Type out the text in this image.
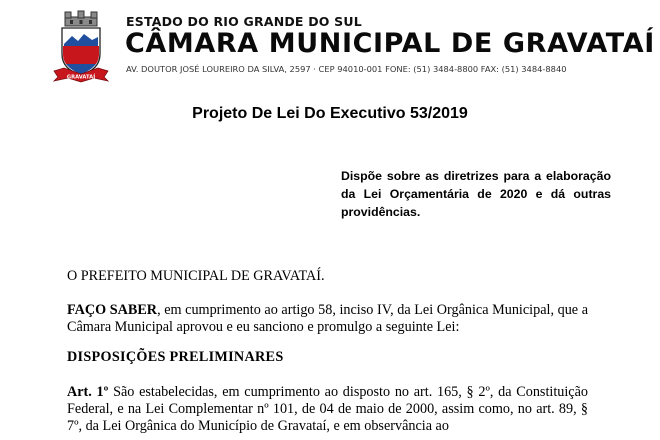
GRAVATAÍ
ESTADO DO RIO GRANDE DO SUL
CÂMARA MUNICIPAL DE GRAVATAÍ
AV. DOUTOR JOSÉ LOUREIRO DA SILVA, 2597 · CEP 94010-001 FONE: (51) 3484-8800 FAX: (51) 3484-8840
Projeto De Lei Do Executivo 53/2019
Dispõe sobre as diretrizes para a elaboração da Lei Orçamentária de 2020 e dá outras providências.
O PREFEITO MUNICIPAL DE GRAVATAÍ.
FAÇO SABER, em cumprimento ao artigo 58, inciso IV, da Lei Orgânica Municipal, que a Câmara Municipal aprovou e eu sanciono e promulgo a seguinte Lei:
DISPOSIÇÕES PRELIMINARES
Art. 1º São estabelecidas, em cumprimento ao disposto no art. 165, § 2º, da Constituição Federal, e na Lei Complementar nº 101, de 04 de maio de 2000, assim como, no art. 89, § 7º, da Lei Orgânica do Município de Gravataí, e em observância ao
